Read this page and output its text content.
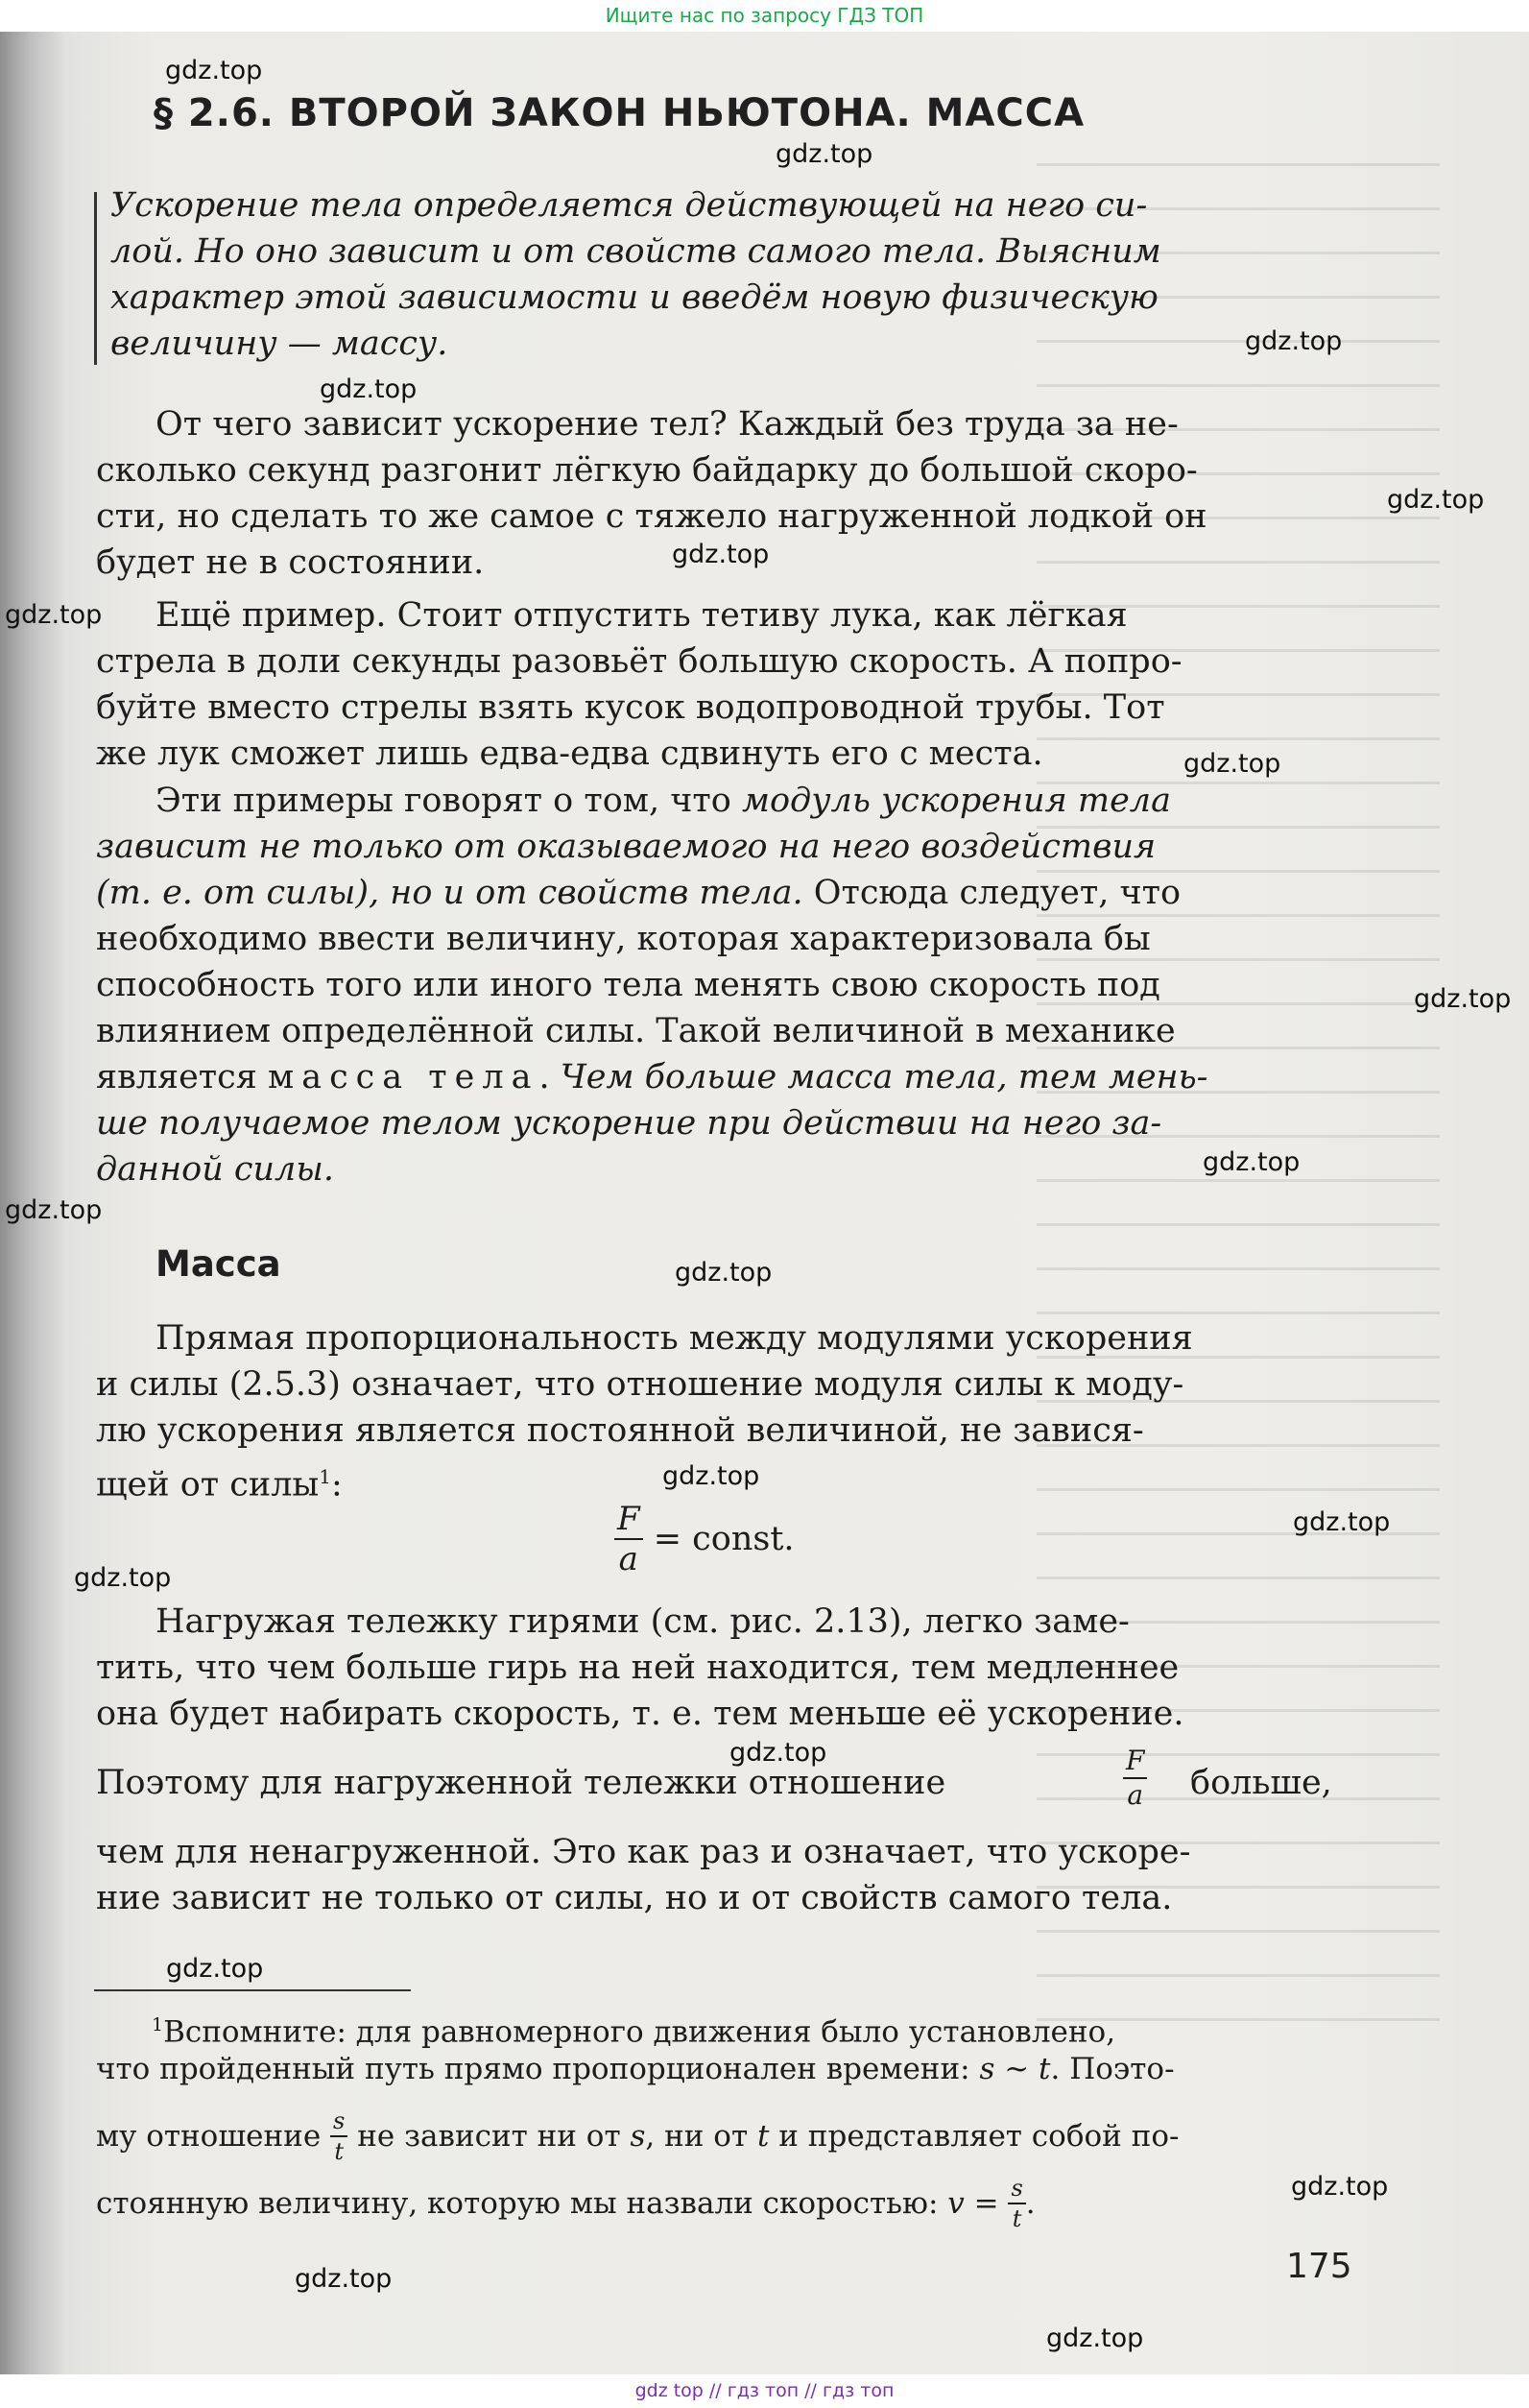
Ищите нас по запросу ГДЗ ТОП
§ 2.6. ВТОРОЙ ЗАКОН НЬЮТОНА. МАССА
Ускорение тела определяется действующей на него си-
лой. Но оно зависит и от свойств самого тела. Выясним
характер этой зависимости и введём новую физическую
величину — массу.
От чего зависит ускорение тел? Каждый без труда за не-
сколько секунд разгонит лёгкую байдарку до большой скоро-
сти, но сделать то же самое с тяжело нагруженной лодкой он
будет не в состоянии.
Ещё пример. Стоит отпустить тетиву лука, как лёгкая
стрела в доли секунды разовьёт большую скорость. А попро-
буйте вместо стрелы взять кусок водопроводной трубы. Тот
же лук сможет лишь едва-едва сдвинуть его с места.
Эти примеры говорят о том, что модуль ускорения тела
зависит не только от оказываемого на него воздействия
(т. е. от силы), но и от свойств тела. Отсюда следует, что
необходимо ввести величину, которая характеризовала бы
способность того или иного тела менять свою скорость под
влиянием определённой силы. Такой величиной в механике
является масса тела. Чем больше масса тела, тем мень-
ше получаемое телом ускорение при действии на него за-
данной силы.
Масса
Прямая пропорциональность между модулями ускорения
и силы (2.5.3) означает, что отношение модуля силы к моду-
лю ускорения является постоянной величиной, не завися-
щей от силы$^1$:
$\frac{F}{a}$ = const.
Нагружая тележку гирями (см. рис. 2.13), легко заме-
тить, что чем больше гирь на ней находится, тем медленнее
она будет набирать скорость, т. е. тем меньше её ускорение.
Поэтому для нагруженной тележки отношение	$\frac{F}{a}$ больше,
чем для ненагруженной. Это как раз и означает, что ускоре-
ние зависит не только от силы, но и от свойств самого тела.
$^1$Вспомните: для равномерного движения было установлено,
что пройденный путь прямо пропорционален времени: s ~ t. Поэто-
му отношение $\frac{s}{t}$ не зависит ни от s, ни от t и представляет собой по-
стоянную величину, которую мы назвали скоростью: $v = \frac{s}{t}$ .
175
gdz.top
gdz.top
gdz.top
gdz.top
gdz.top
gdz.top
gdz.top
gdz.top
gdz.top
gdz.top
gdz.top
gdz.top
gdz.top
gdz.top
gdz.top
gdz.top
gdz.top
gdz.top
gdz.top
gdz.top
gdz top // гдз топ // гдз топ
